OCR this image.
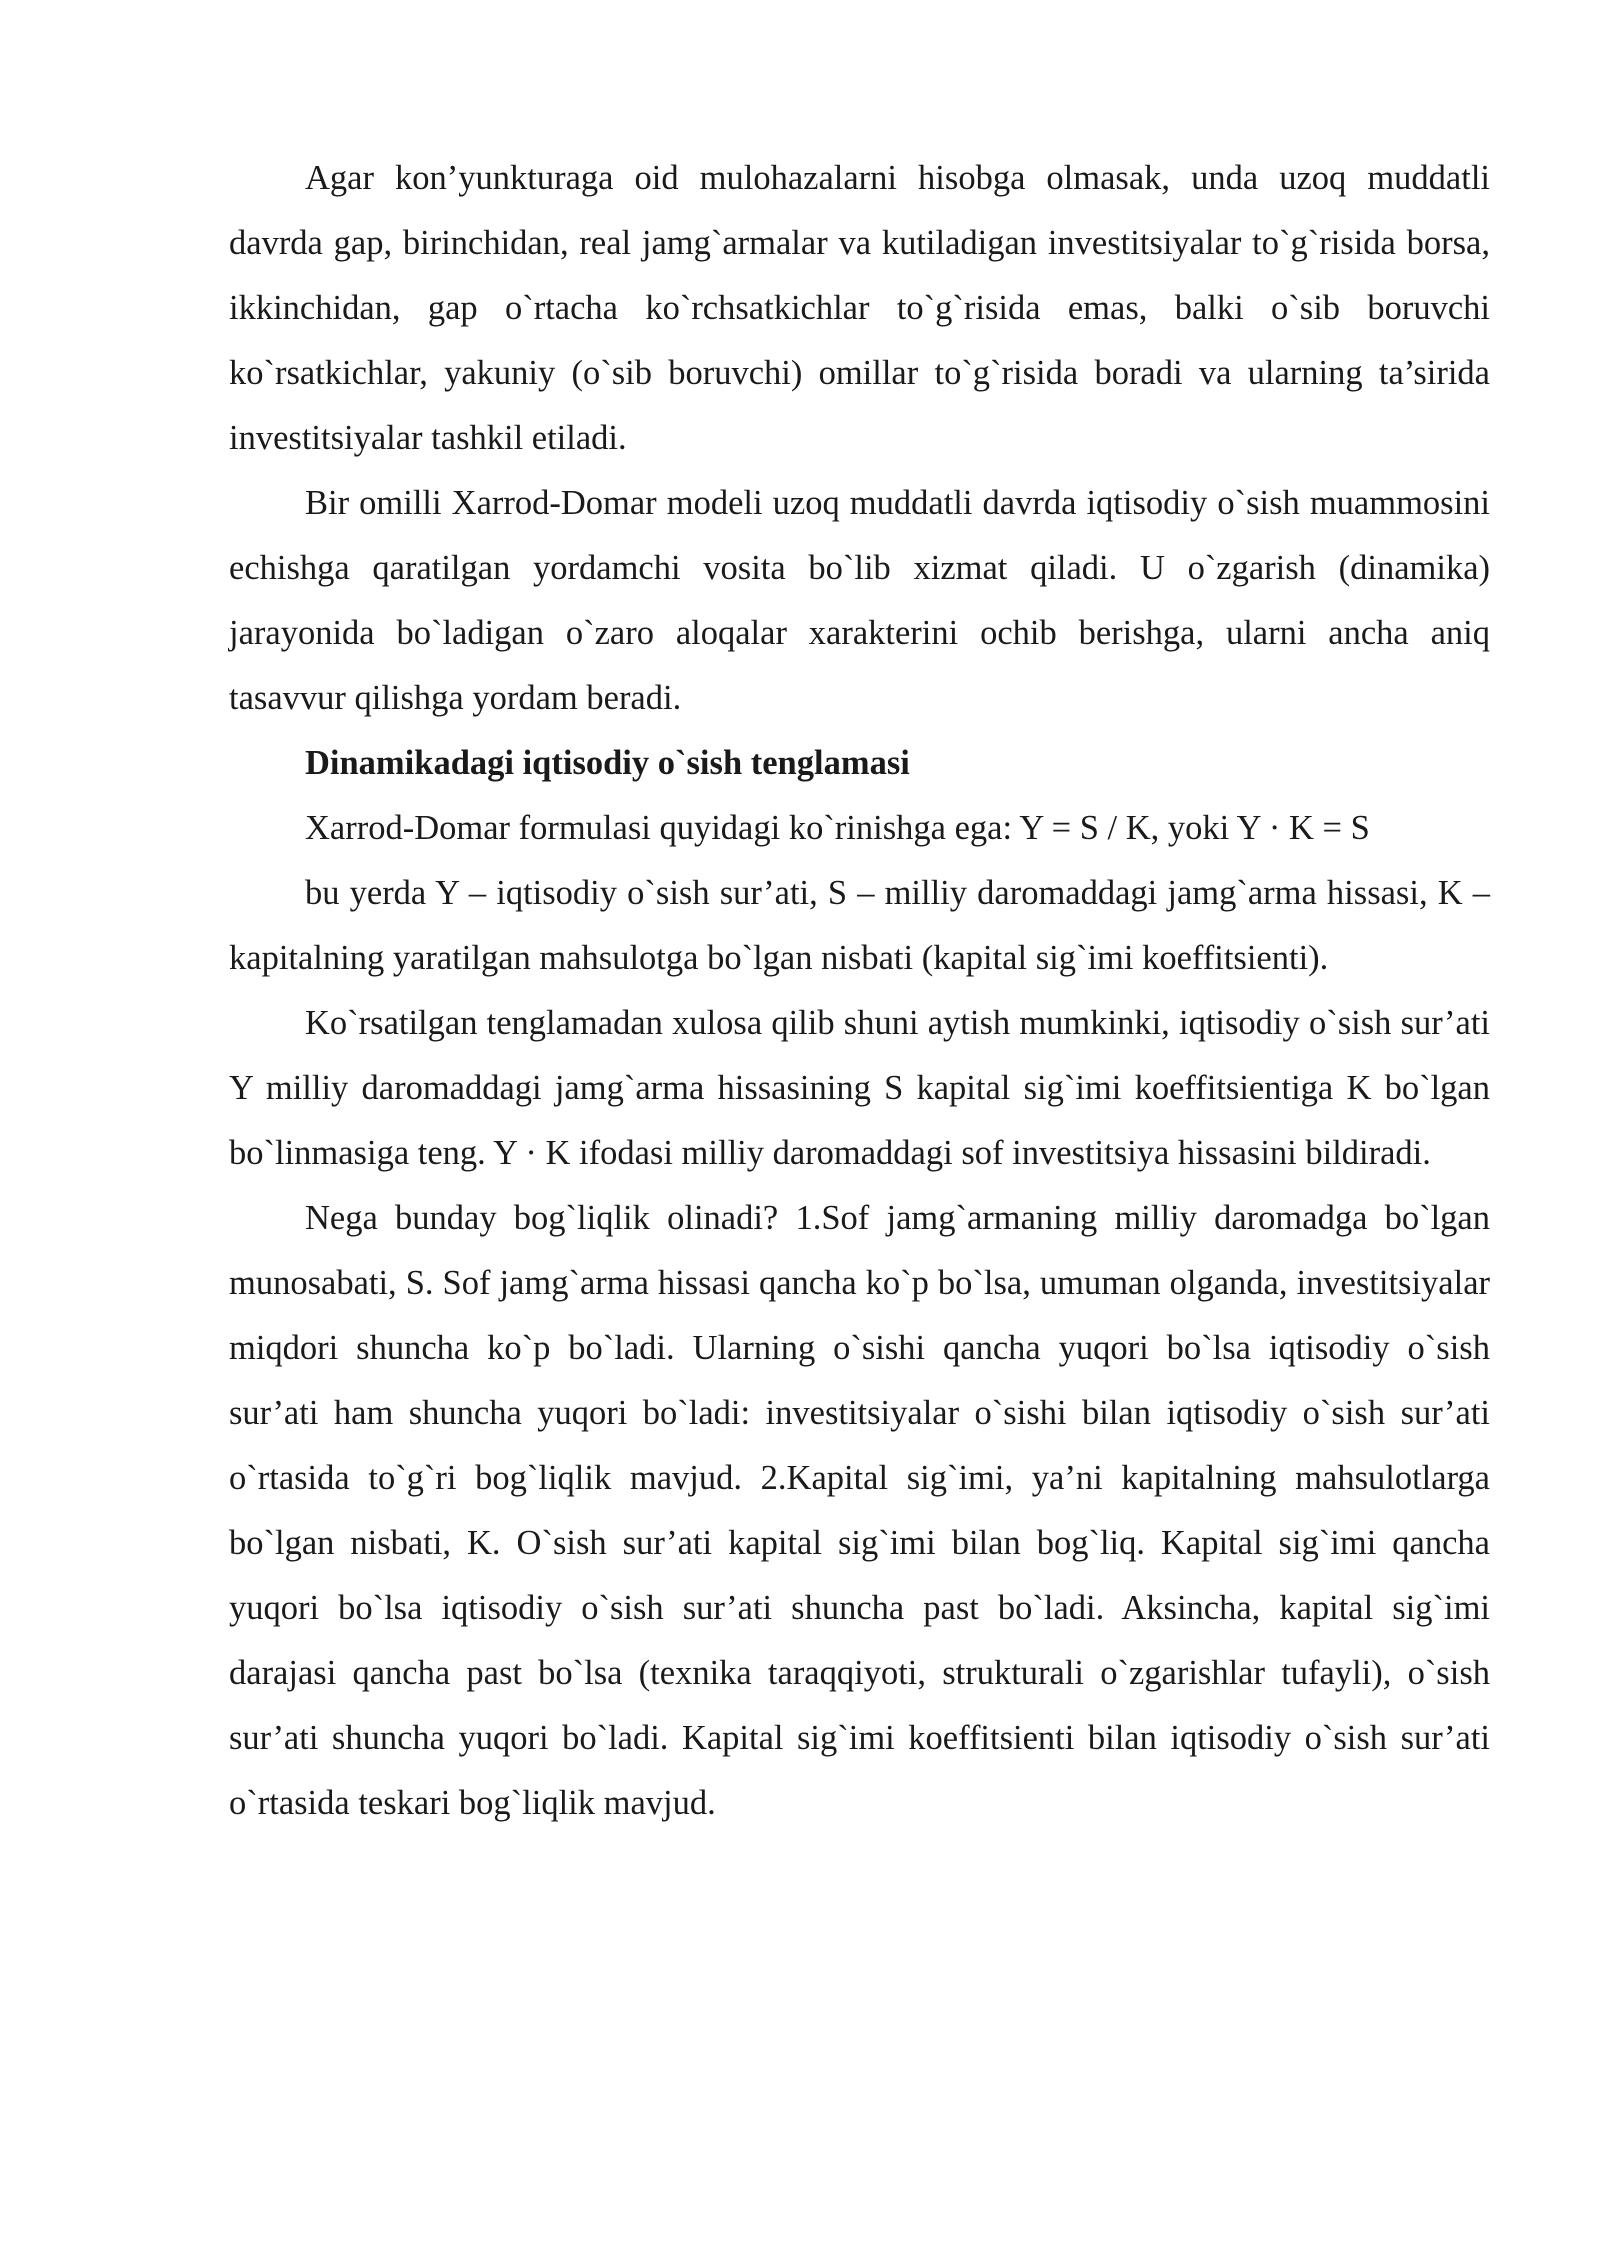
Agar kon’yunkturaga oid mulohazalarni hisobga olmasak, unda uzoq muddatli davrda gap, birinchidan, real jamg`armalar va kutiladigan investitsiyalar to`g`risida borsa, ikkinchidan, gap o`rtacha ko`rchsatkichlar to`g`risida emas, balki o`sib boruvchi ko`rsatkichlar, yakuniy (o`sib boruvchi) omillar to`g`risida boradi va ularning ta’sirida investitsiyalar tashkil etiladi.

Bir omilli Xarrod-Domar modeli uzoq muddatli davrda iqtisodiy o`sish muammosini echishga qaratilgan yordamchi vosita bo`lib xizmat qiladi. U o`zgarish (dinamika) jarayonida bo`ladigan o`zaro aloqalar xarakterini ochib berishga, ularni ancha aniq tasavvur qilishga yordam beradi.

Dinamikadagi iqtisodiy o`sish tenglamasi

Xarrod-Domar formulasi quyidagi ko`rinishga ega: Y = S / K, yoki Y · K = S

bu yerda Y – iqtisodiy o`sish sur’ati, S – milliy daromaddagi jamg`arma hissasi, K – kapitalning yaratilgan mahsulotga bo`lgan nisbati (kapital sig`imi koeffitsienti).

Ko`rsatilgan tenglamadan xulosa qilib shuni aytish mumkinki, iqtisodiy o`sish sur’ati Y milliy daromaddagi jamg`arma hissasining S kapital sig`imi koeffitsientiga K bo`lgan bo`linmasiga teng. Y · K ifodasi milliy daromaddagi sof investitsiya hissasini bildiradi.

Nega bunday bog`liqlik olinadi? 1.Sof jamg`armaning milliy daromadga bo`lgan munosabati, S. Sof jamg`arma hissasi qancha ko`p bo`lsa, umuman olganda, investitsiyalar miqdori shuncha ko`p bo`ladi. Ularning o`sishi qancha yuqori bo`lsa iqtisodiy o`sish sur’ati ham shuncha yuqori bo`ladi: investitsiyalar o`sishi bilan iqtisodiy o`sish sur’ati o`rtasida to`g`ri bog`liqlik mavjud. 2.Kapital sig`imi, ya’ni kapitalning mahsulotlarga bo`lgan nisbati, K. O`sish sur’ati kapital sig`imi bilan bog`liq. Kapital sig`imi qancha yuqori bo`lsa iqtisodiy o`sish sur’ati shuncha past bo`ladi. Aksincha, kapital sig`imi darajasi qancha past bo`lsa (texnika taraqqiyoti, strukturali o`zgarishlar tufayli), o`sish sur’ati shuncha yuqori bo`ladi. Kapital sig`imi koeffitsienti bilan iqtisodiy o`sish sur’ati o`rtasida teskari bog`liqlik mavjud.
